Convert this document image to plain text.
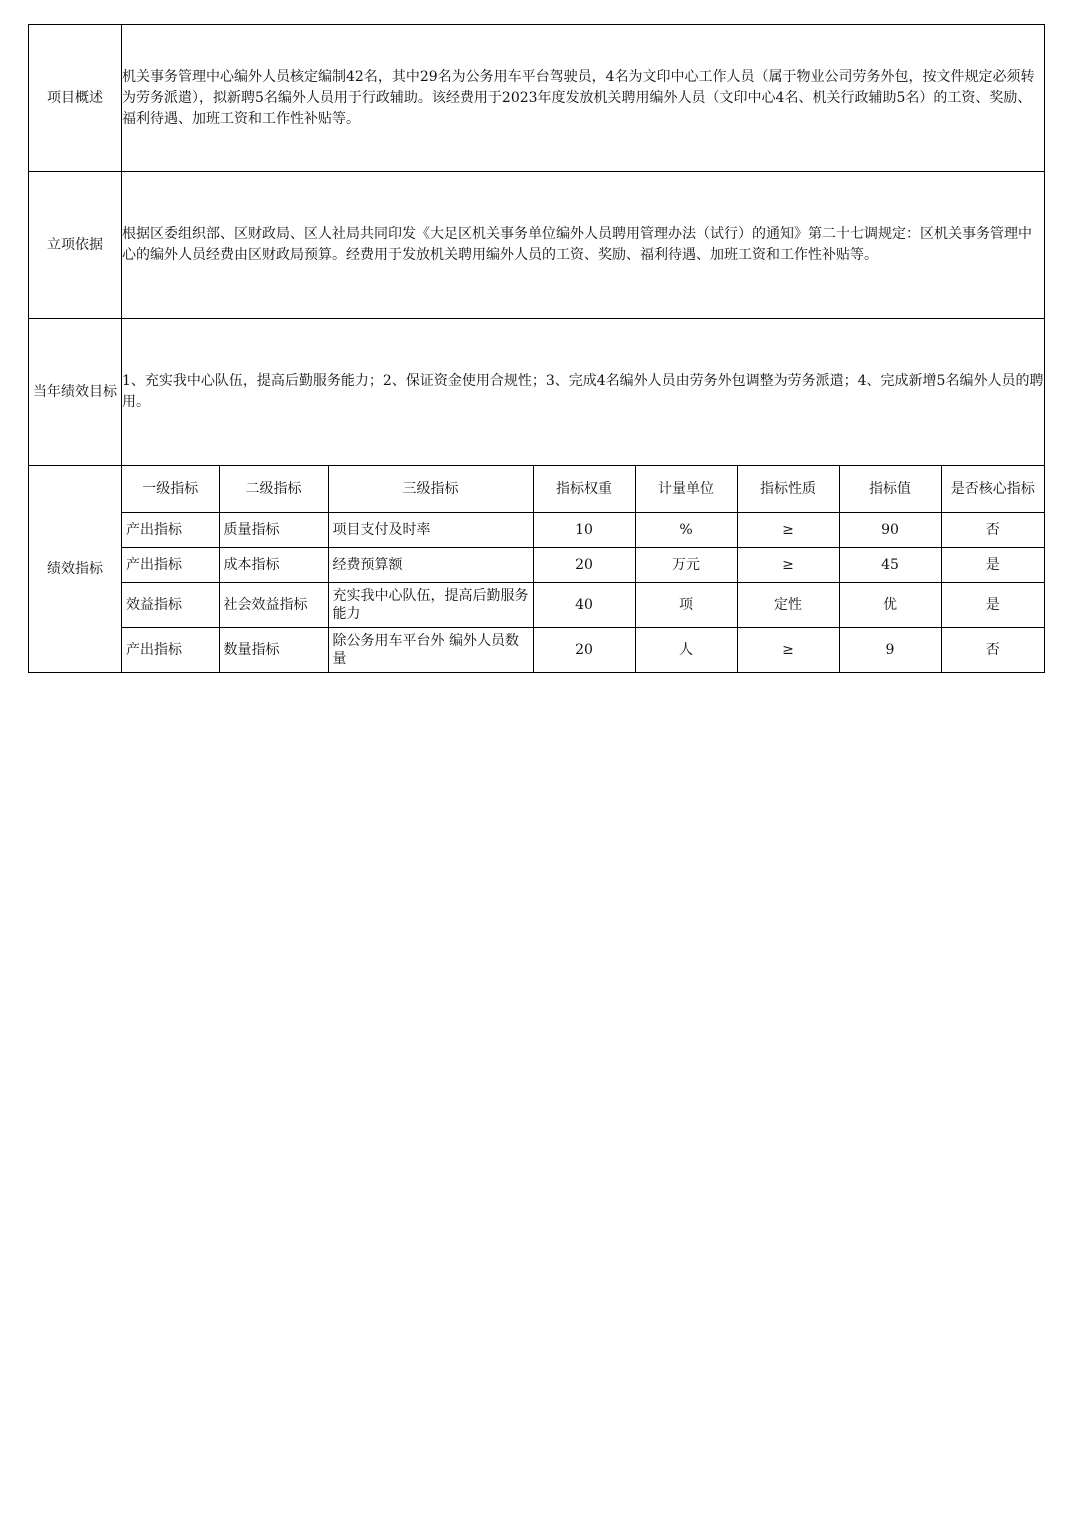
项目概述	
机关事务管理中心编外人员核定编制42名，其中29名为公务用车平台驾驶员，4名为文印中心工作人员（属于物业公司劳务外包，按文件规定必须转为劳务派遣），拟新聘5名编外人员用于行政辅助。该经费用于2023年度发放机关聘用编外人员（文印中心4名、机关行政辅助5名）的工资、奖励、福利待遇、加班工资和工作性补贴等。

立项依据	
根据区委组织部、区财政局、区人社局共同印发《大足区机关事务单位编外人员聘用管理办法（试行）的通知》第二十七调规定：区机关事务管理中心的编外人员经费由区财政局预算。经费用于发放机关聘用编外人员的工资、奖励、福利待遇、加班工资和工作性补贴等。

当年绩效目标	
1、充实我中心队伍，提高后勤服务能力；2、保证资金使用合规性；3、完成4名编外人员由劳务外包调整为劳务派遣；4、完成新增5名编外人员的聘用。

绩效指标	
一级指标	二级指标	三级指标	指标权重	计量单位	指标性质	指标值	是否核心指标
产出指标	质量指标	项目支付及时率	10	%	≥	90	否
产出指标	成本指标	经费预算额	20	万元	≥	45	是
效益指标	社会效益指标	充实我中心队伍，提高后勤服务能力	40	项	定性	优	是
产出指标	数量指标	除公务用车平台外 编外人员数量	20	人	≥	9	否
